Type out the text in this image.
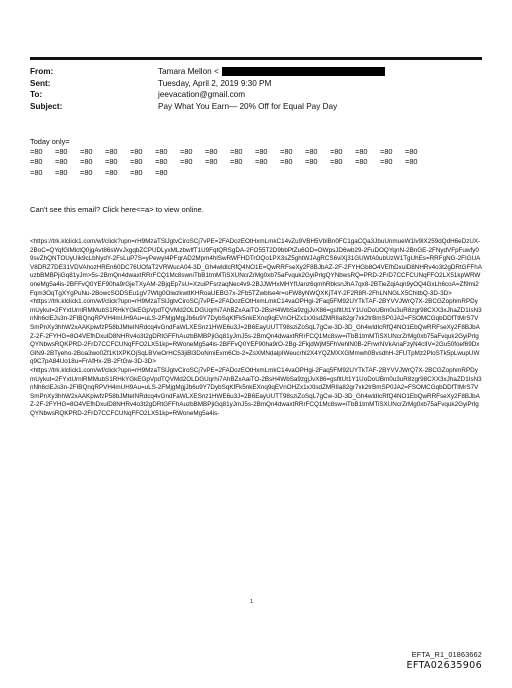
From:	Tamara Mellon <
Sent:	Tuesday, April 2, 2019 9:30 PM
To:	jeevacation@gmail.com
Subject:	Pay What You Earn— 20% Off for Equal Pay Day
Today only=
=80	=80	=80	=80	=80	=80	=80	=80	=80	=80	=80	=80	=80	=80	=80	=80
=80	=80	=80	=80	=80	=80	=80	=80	=80	=80	=80	=80	=80	=80	=80	=80
=80	=80	=80	=80	=80	=80
Can't see this email? Click here<=a> to view online.
<https://trk.klclick1.com/wf/click?upn=rH9MzaTSlJgtvCiroSCj7vPE=2FADozEOtHxmLmkC14vZu9VBH5VblBn0FC1gaCQa3JbuUnmueW1lv9lX259dQdH6eDzUX-2BoC=QYqfGlMlctQ0jgAvt86sWvJxgqbZCPUDLyxMLzbwlfT1U9FqtQRSgDA-2FO55T2D9bbPtZu6OD=OWpsJD6wb29-2FuDOQYqnN-2BnGE-2FNydVFpFuwfy09svZhQNTOUyUik9cLbNydY-2FsLuP7S=yPewyI4PFqrAD2Mpm4hlSwRWFHDTrOQo1PX3sZ5ghtWJAgRCS6viXj31GUWfA0ubUzW1TgUhEs=RRFgNG-2FIGUAV8DRZ7DE31VDVAhozHREn60DC76UOfaT2VRWucA04-3D_Gh4wldIcRfQ4NO1E=QwRRFseXy2F8BJbAZ-2F-2FYHGb8O4VEfhDxulD8NHRv4o3t2gDRtGFFhAuzbBMBPjiGq81yJm>5s-2BmQn4dwaxtRRrFCQ1Mc8swniTbB1tmMTiSXUNcrZrMg0xb75aFvquk2GyiPrlgQYNbwsRQ=PRD-2FrD7CCFCUNqFFO2LX51kpWRWoneMg5a4is-2BFFvQ0YEF90ha9rGjeTXyAM-2BjqEp7sU=XzuiPFsrzaqNec4v9-2BJJWHxMHYfUanz6qmhRbksnJhA7qx8-2BTieZqiAqn9yOQ4GxLh6coA=Zf9mi2Fqm3OqTgXYgPuNu-2BowcSODSEu1gV7Wtg0OiwzkwttKHRoaUEBG7x-2Fb5TZwblse4r=oFW8yNWQXKjT4Y-2F2R8R-2FhLNNGLX5ChitbQ-3D-3D>
<https://trk.klclick1.com/wf/click?upn=rH9MzaTSlJgtvCiroSCj7vPE=2FADozEOtHxmLmkC14vaOPHgi-2Faq5FM92UYTkTAF-2BYVVJWrQ7X-2BCGZophmRPDymUykut=2FYxtUrnlRMMubS1RHkYGkEGpVpdTQVMd2OLDGUqrhi7AhBZxAaiTO-2BsH4WbSa9zgjJvX86=gsfltUt1Y1UoDoUBm0u3uR8zgr98CXX3xJhaZD1IsN3nNh6clEJs3n-2FIBQnqRPVH4mUH9Au=uLS-2FMjgMgjJb6u9Y7DybSqKfFk5nkEXnq9qEVnOHZx1xXlsdZMRlIa82gr7xk2trBmSP0JA2=FSOMCGqbDDfTtMrS7VSmPnXy3hhW2xAAKpiwfzP58bJMteINRdcq4vGndFaWLXESnz1HWE6u3J=2B6EayUUTT98sziZoSqL7gCw-3D-3D_Gh4wldIcRfQ4NO1EbQwRRFseXy2F8BJbAZ-2F-2FYHG=8O4VEfhDxulD8NHRv4o3t2gDRtGFFhAuzbBMBPjiGq81yJmJ5s-2BmQn4dwaxtRRrFCQ1Mc8sw=iTbB1tmMTiSXUNcrZrMg0xb75aFvquk2GyiPrlgQYNbwsRQKPRD-2FrD7CCFCUNqFFO2LX51kp=RWoneMg5a4is-2BFFvQ0YEF90ha9rO-2Bg-2FkjdWjM5FhVehlN0B-2FrwrNVkAnaFzyN4clIV=2Gu50foef69DxGlN9-2BTyeho-2Boa3wo0Zf1KtXPKOjSqLBVwOrHC53jiBl3DoNmiExm6Cb-2=ZsXMNdalpIWeucrhl2X4YQZMXXGMmwh0BvsdhH-2FUTpMz2PloSTk5pLwupUWq9C7pA84Uo18u=FrAfHx-2B-2FtGw-3D-3D>
<https://trk.klclick1.com/wf/click?upn=rH9MzaTSlJgtvCiroSCj7vPE=2FADozEOtHxmLmkC14vaOPHgi-2Faq5FM92UYTkTAF-2BYVVJWrQ7X-2BCGZophmRPDymUykut=2FYxtUrnlRMMubS1RHkYGkEGpVpdTQVMd2OLDGUqrhi7AhBZxAaiTO-2BsH4WbSa9zgjJvX86=gsfltUt1Y1UoDoUBm0u3uR8zgr98CXX3xJhaZD1IsN3nNh6clEJs3n-2FIBQnqRPVH4mUH9Au=uLS-2FMjgMgjJb6u9Y7DybSqKfFk5nkEXnq9qEVnOHZx1xXlsdZMRlIa82gr7xk2trBmSP0JA2=FSOMCGqbDDfTtMrS7VSmPnXy3hhW2xAAKpiwfzP58bJMteINRdcq4vGndFaWLXESnz1HWE6u3J=2B6EayUUTT98sziZoSqL7gCw-3D-3D_Gh4wldIcRfQ4NO1EbQwRRFseXy2F8BJbAZ-2F-2FYHG=8O4VEfhDxulD8NHRv4o3t2gDRtGFFhAuzbBMBPjiGq81yJmJ5s-2BmQn4dwaxtRRrFCQ1Mc8sw=iTbB1tmMTiSXUNcrZrMg0xb75aFvquk2GyiPrlgQYNbwsRQKPRD-2FrD7CCFCUNqFFO2LX51kp=RWoneMg5a4is-
1
EFTA_R1_01863662
EFTA02635906
